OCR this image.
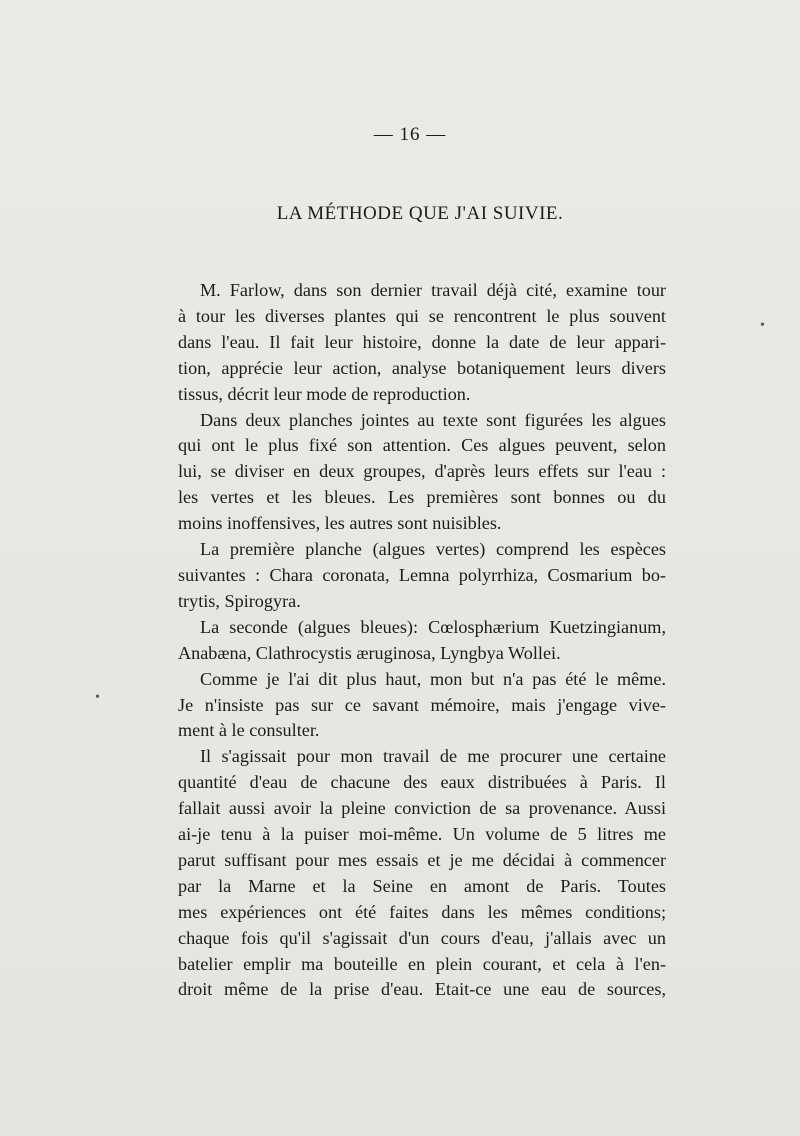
— 16 —
LA MÉTHODE QUE J'AI SUIVIE.
M. Farlow, dans son dernier travail déjà cité, examine tour
à tour les diverses plantes qui se rencontrent le plus souvent
dans l'eau. Il fait leur histoire, donne la date de leur appari-
tion, apprécie leur action, analyse botaniquement leurs divers
tissus, décrit leur mode de reproduction.
Dans deux planches jointes au texte sont figurées les algues
qui ont le plus fixé son attention. Ces algues peuvent, selon
lui, se diviser en deux groupes, d'après leurs effets sur l'eau :
les vertes et les bleues. Les premières sont bonnes ou du
moins inoffensives, les autres sont nuisibles.
La première planche (algues vertes) comprend les espèces
suivantes : Chara coronata, Lemna polyrrhiza, Cosmarium bo-
trytis, Spirogyra.
La seconde (algues bleues): Cœlosphærium Kuetzingianum,
Anabæna, Clathrocystis æruginosa, Lyngbya Wollei.
Comme je l'ai dit plus haut, mon but n'a pas été le même.
Je n'insiste pas sur ce savant mémoire, mais j'engage vive-
ment à le consulter.
Il s'agissait pour mon travail de me procurer une certaine
quantité d'eau de chacune des eaux distribuées à Paris. Il
fallait aussi avoir la pleine conviction de sa provenance. Aussi
ai-je tenu à la puiser moi-même. Un volume de 5 litres me
parut suffisant pour mes essais et je me décidai à commencer
par la Marne et la Seine en amont de Paris. Toutes
mes expériences ont été faites dans les mêmes conditions;
chaque fois qu'il s'agissait d'un cours d'eau, j'allais avec un
batelier emplir ma bouteille en plein courant, et cela à l'en-
droit même de la prise d'eau. Etait-ce une eau de sources,
•
•
